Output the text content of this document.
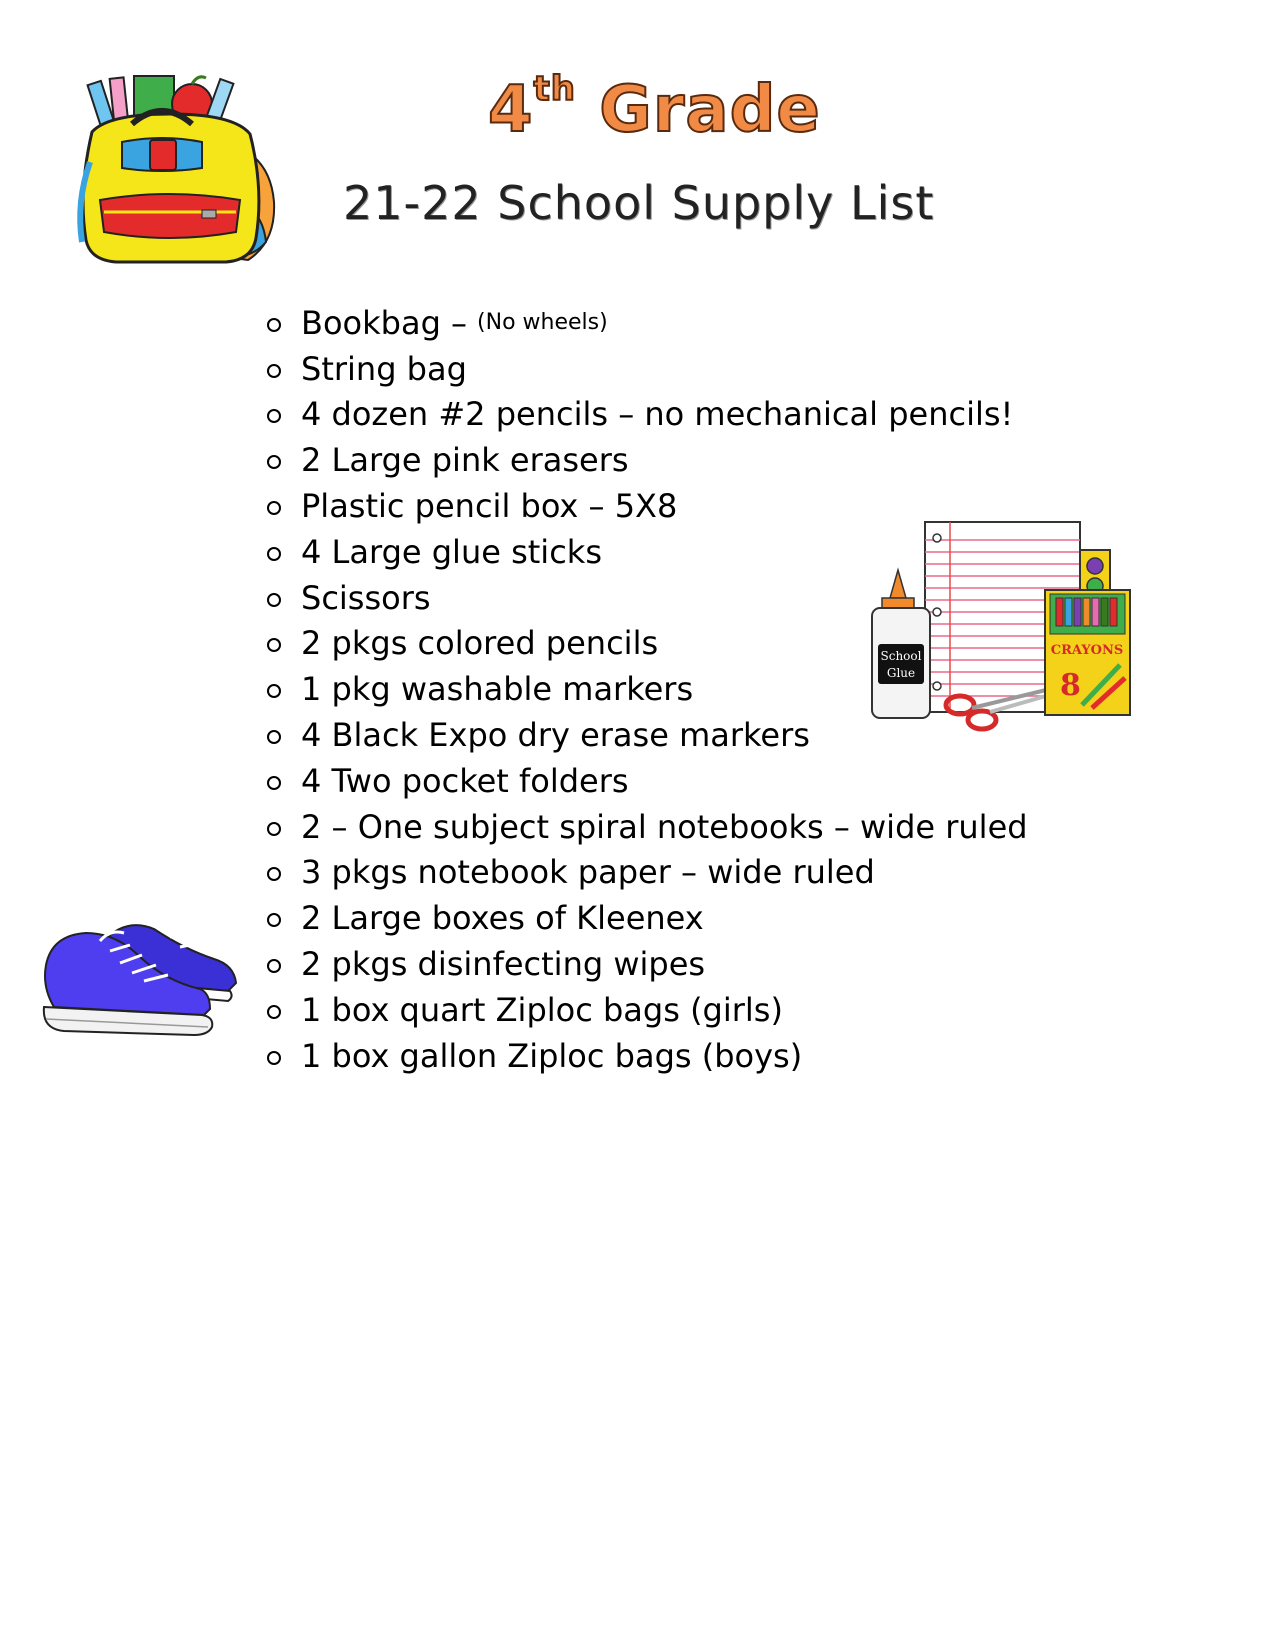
4th Grade
21-22 School Supply List
Bookbag – (No wheels)
String bag
4 dozen #2 pencils – no mechanical pencils!
2 Large pink erasers
Plastic pencil box – 5X8
4 Large glue sticks
Scissors
2 pkgs colored pencils
1 pkg washable markers
4 Black Expo dry erase markers
4 Two pocket folders
2 – One subject spiral notebooks – wide ruled
3 pkgs notebook paper – wide ruled
2 Large boxes of Kleenex
2 pkgs disinfecting wipes
1 box quart Ziploc bags (girls)
1 box gallon Ziploc bags (boys)
School
Glue
CRAYONS
8
